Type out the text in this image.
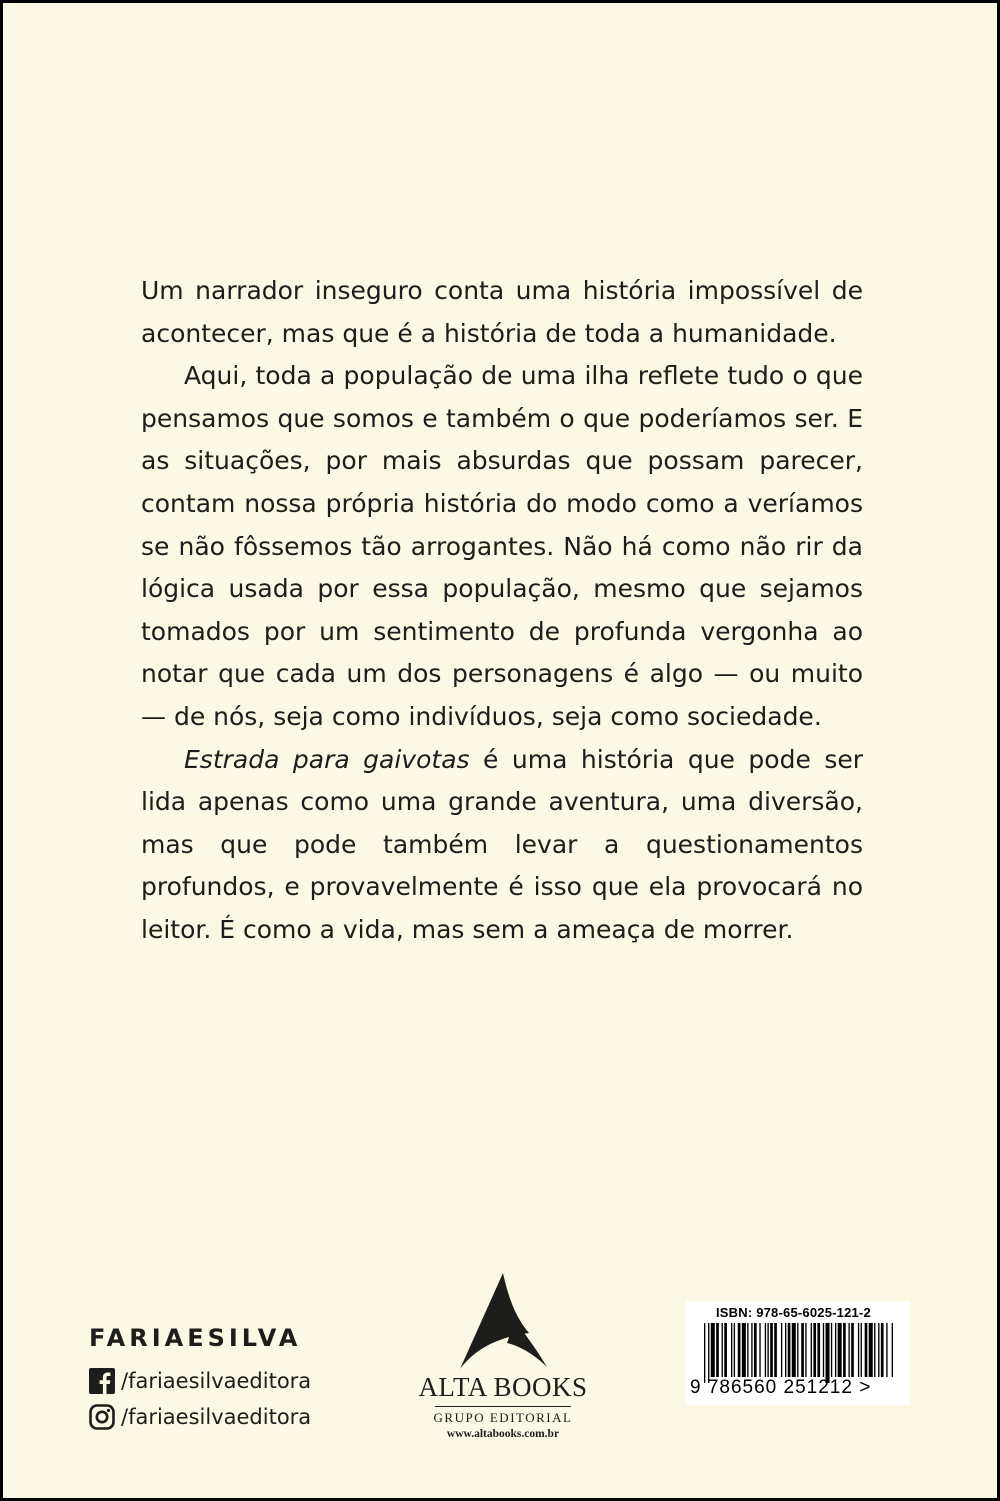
Um narrador inseguro conta uma história impossível de acontecer, mas que é a história de toda a humanidade.

Aqui, toda a população de uma ilha reflete tudo o que pensamos que somos e também o que poderíamos ser. E as situações, por mais absurdas que possam parecer, contam nossa própria história do modo como a veríamos se não fôssemos tão arrogantes. Não há como não rir da lógica usada por essa população, mesmo que sejamos tomados por um sentimento de profunda vergonha ao notar que cada um dos personagens é algo — ou muito — de nós, seja como indivíduos, seja como sociedade.

Estrada para gaivotas é uma história que pode ser lida apenas como uma grande aventura, uma diversão, mas que pode também levar a questionamentos profundos, e provavelmente é isso que ela provocará no leitor. É como a vida, mas sem a ameaça de morrer.

FARIAESILVA
/fariaesilvaeditora
/fariaesilvaeditora
ALTA BOOKS
GRUPO EDITORIAL
www.altabooks.com.br
ISBN: 978-65-6025-121-2
9 786560 251212 >
